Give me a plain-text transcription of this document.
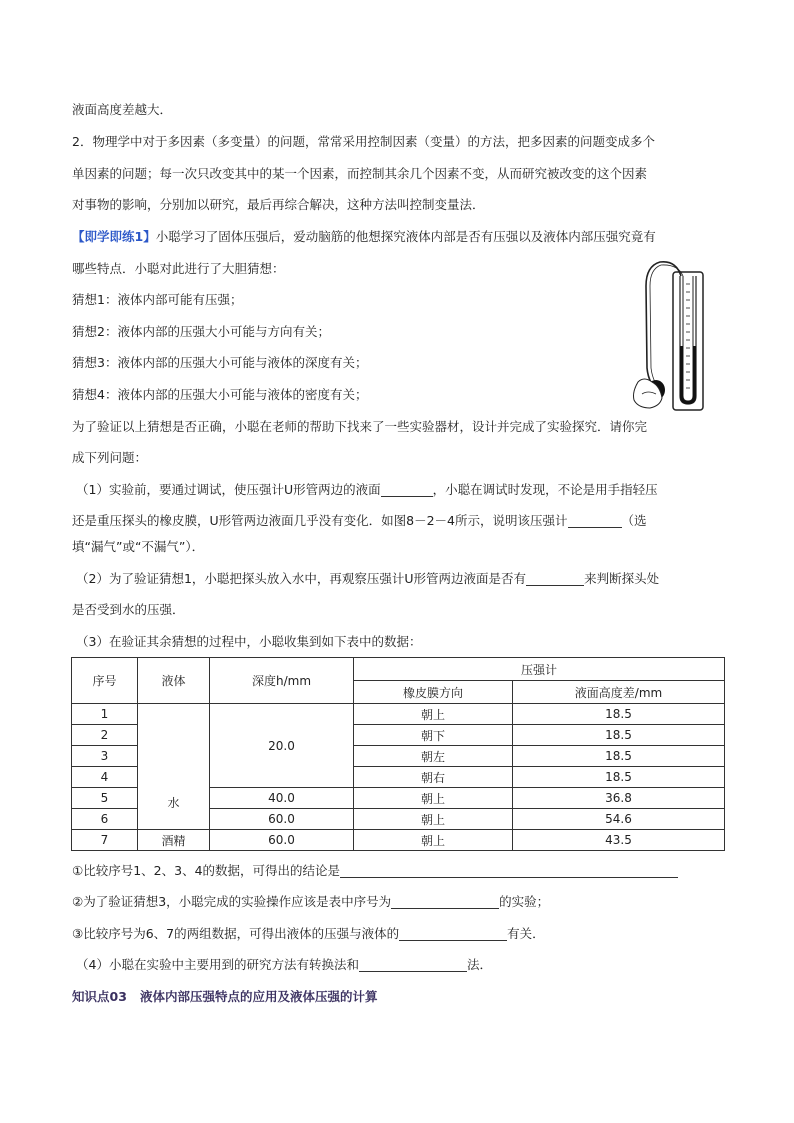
液面高度差越大．
2．物理学中对于多因素（多变量）的问题，常常采用控制因素（变量）的方法，把多因素的问题变成多个
单因素的问题；每一次只改变其中的某一个因素，而控制其余几个因素不变，从而研究被改变的这个因素
对事物的影响，分别加以研究，最后再综合解决，这种方法叫控制变量法．
【即学即练1】小聪学习了固体压强后，爱动脑筋的他想探究液体内部是否有压强以及液体内部压强究竟有
哪些特点．小聪对此进行了大胆猜想：
猜想1：液体内部可能有压强；
猜想2：液体内部的压强大小可能与方向有关；
猜想3：液体内部的压强大小可能与液体的深度有关；
猜想4：液体内部的压强大小可能与液体的密度有关；
为了验证以上猜想是否正确，小聪在老师的帮助下找来了一些实验器材，设计并完成了实验探究．请你完
成下列问题：
（1）实验前，要通过调试，使压强计U形管两边的液面	，小聪在调试时发现，不论是用手指轻压
还是重压探头的橡皮膜，U形管两边液面几乎没有变化．如图8－2－4所示，说明该压强计	（选
填“漏气”或“不漏气”）．
（2）为了验证猜想1，小聪把探头放入水中，再观察压强计U形管两边液面是否有	来判断探头处
是否受到水的压强．
（3）在验证其余猜想的过程中，小聪收集到如下表中的数据：
序号	液体	深度h/mm	压强计	
			橡皮膜方向	液面高度差/mm
1	水	20.0	朝上	18.5
2			朝下	18.5
3			朝左	18.5
4			朝右	18.5
5		40.0	朝上	36.8
6		60.0	朝上	54.6
7	酒精	60.0	朝上	43.5
①比较序号1、2、3、4的数据，可得出的结论是
②为了验证猜想3，小聪完成的实验操作应该是表中序号为	的实验；
③比较序号为6、7的两组数据，可得出液体的压强与液体的	有关．
（4）小聪在实验中主要用到的研究方法有转换法和	法．
知识点03 液体内部压强特点的应用及液体压强的计算
